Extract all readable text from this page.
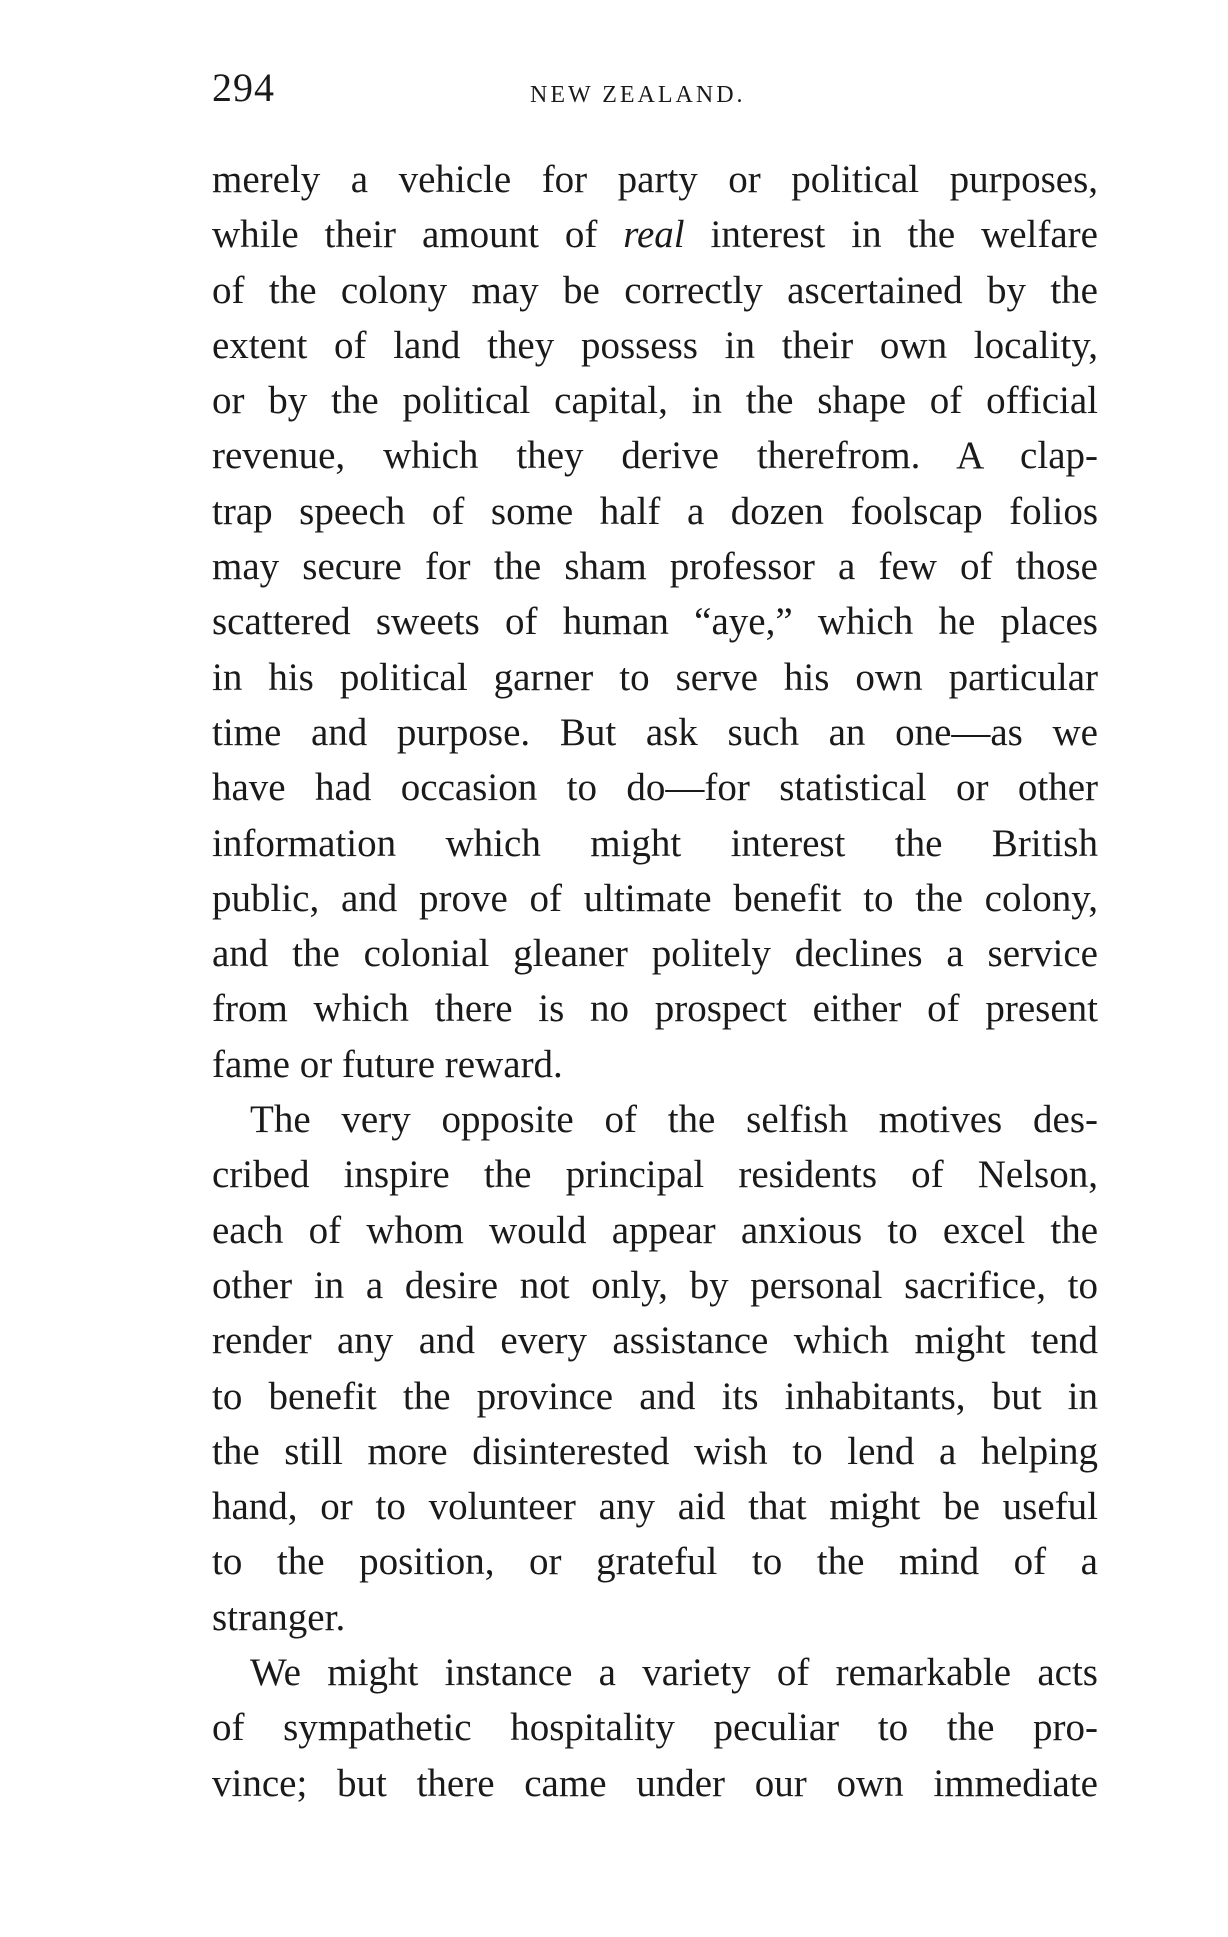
294	NEW ZEALAND.
merely a vehicle for party or political purposes,
while their amount of real interest in the welfare
of the colony may be correctly ascertained by the
extent of land they possess in their own locality,
or by the political capital, in the shape of official
revenue, which they derive therefrom. A clap-
trap speech of some half a dozen foolscap folios
may secure for the sham professor a few of those
scattered sweets of human “aye,” which he places
in his political garner to serve his own particular
time and purpose. But ask such an one—as we
have had occasion to do—for statistical or other
information which might interest the British
public, and prove of ultimate benefit to the colony,
and the colonial gleaner politely declines a service
from which there is no prospect either of present
fame or future reward.
The very opposite of the selfish motives des-
cribed inspire the principal residents of Nelson,
each of whom would appear anxious to excel the
other in a desire not only, by personal sacrifice, to
render any and every assistance which might tend
to benefit the province and its inhabitants, but in
the still more disinterested wish to lend a helping
hand, or to volunteer any aid that might be useful
to the position, or grateful to the mind of a
stranger.
We might instance a variety of remarkable acts
of sympathetic hospitality peculiar to the pro-
vince; but there came under our own immediate
